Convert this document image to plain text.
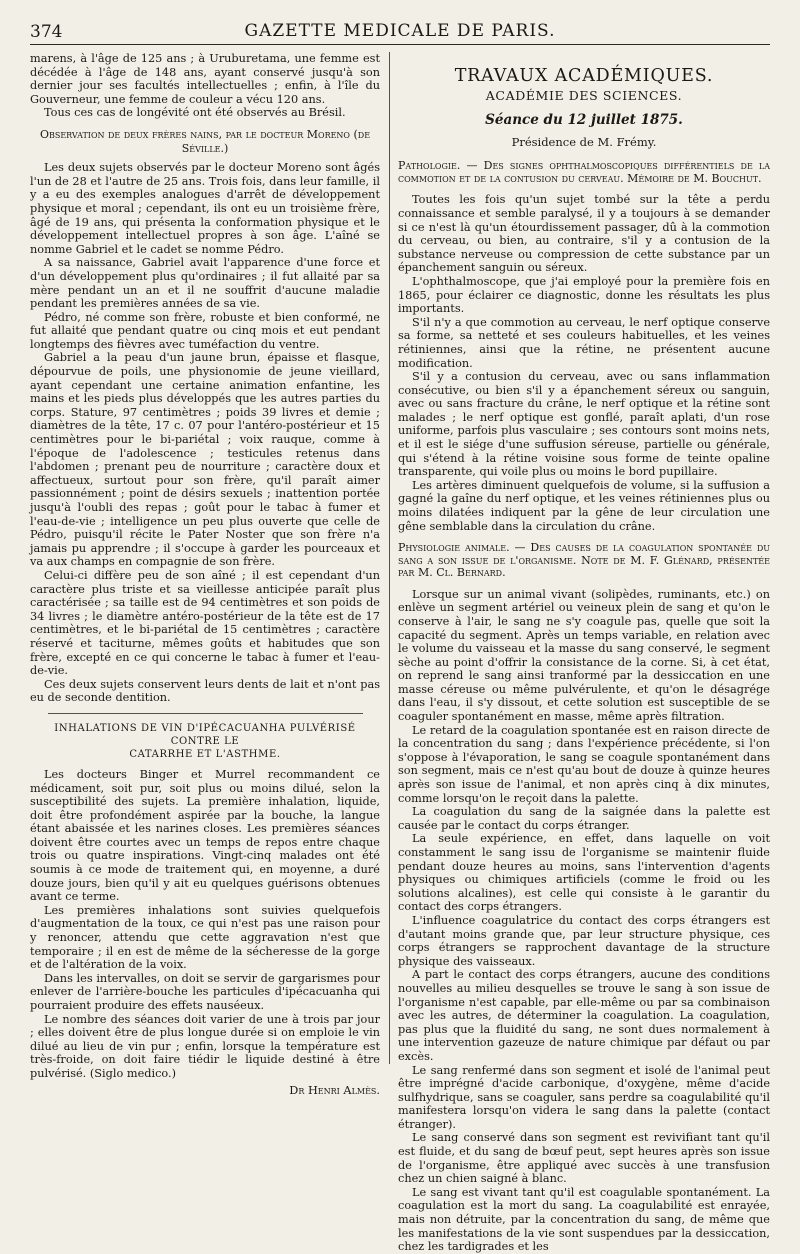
374	GAZETTE MEDICALE DE PARIS.

marens, à l'âge de 125 ans ; à Uruburetama, une femme est décédée à l'âge de 148 ans, ayant conservé jusqu'à son dernier jour ses facultés intellectuelles ; enfin, à l'île du Gouverneur, une femme de couleur a vécu 120 ans.

Tous ces cas de longévité ont été observés au Brésil.

Observation de deux frères nains, par le docteur Moreno (de Séville.)

Les deux sujets observés par le docteur Moreno sont âgés l'un de 28 et l'autre de 25 ans. Trois fois, dans leur famille, il y a eu des exemples analogues d'arrêt de développement physique et moral ; cependant, ils ont eu un troisième frère, âgé de 19 ans, qui présenta la conformation physique et le développement intellectuel propres à son âge. L'aîné se nomme Gabriel et le cadet se nomme Pédro.

A sa naissance, Gabriel avait l'apparence d'une force et d'un développement plus qu'ordinaires ; il fut allaité par sa mère pendant un an et il ne souffrit d'aucune maladie pendant les premières années de sa vie.

Pédro, né comme son frère, robuste et bien conformé, ne fut allaité que pendant quatre ou cinq mois et eut pendant longtemps des fièvres avec tuméfaction du ventre.

Gabriel a la peau d'un jaune brun, épaisse et flasque, dépourvue de poils, une physionomie de jeune vieillard, ayant cependant une certaine animation enfantine, les mains et les pieds plus développés que les autres parties du corps. Stature, 97 centimètres ; poids 39 livres et demie ; diamètres de la tête, 17 c. 07 pour l'antéro-postérieur et 15 centimètres pour le bi-pariétal ; voix rauque, comme à l'époque de l'adolescence ; testicules retenus dans l'abdomen ; prenant peu de nourriture ; caractère doux et affectueux, surtout pour son frère, qu'il paraît aimer passionnément ; point de désirs sexuels ; inattention portée jusqu'à l'oubli des repas ; goût pour le tabac à fumer et l'eau-de-vie ; intelligence un peu plus ouverte que celle de Pédro, puisqu'il récite le Pater Noster que son frère n'a jamais pu apprendre ; il s'occupe à garder les pourceaux et va aux champs en compagnie de son frère.

Celui-ci diffère peu de son aîné ; il est cependant d'un caractère plus triste et sa vieillesse anticipée paraît plus caractérisée ; sa taille est de 94 centimètres et son poids de 34 livres ; le diamètre antéro-postérieur de la tête est de 17 centimètres, et le bi-pariétal de 15 centimètres ; caractère réservé et taciturne, mêmes goûts et habitudes que son frère, excepté en ce qui concerne le tabac à fumer et l'eau-de-vie.

Ces deux sujets conservent leurs dents de lait et n'ont pas eu de seconde dentition.

INHALATIONS DE VIN D'IPÉCACUANHA PULVÉRISÉ CONTRE LE
CATARRHE ET L'ASTHME.

Les docteurs Binger et Murrel recommandent ce médicament, soit pur, soit plus ou moins dilué, selon la susceptibilité des sujets. La première inhalation, liquide, doit être profondément aspirée par la bouche, la langue étant abaissée et les narines closes. Les premières séances doivent être courtes avec un temps de repos entre chaque trois ou quatre inspirations. Vingt-cinq malades ont été soumis à ce mode de traitement qui, en moyenne, a duré douze jours, bien qu'il y ait eu quelques guérisons obtenues avant ce terme.

Les premières inhalations sont suivies quelquefois d'augmentation de la toux, ce qui n'est pas une raison pour y renoncer, attendu que cette aggravation n'est que temporaire ; il en est de même de la sécheresse de la gorge et de l'altération de la voix.

Dans les intervalles, on doit se servir de gargarismes pour enlever de l'arrière-bouche les particules d'ipécacuanha qui pourraient produire des effets nauséeux.

Le nombre des séances doit varier de une à trois par jour ; elles doivent être de plus longue durée si on emploie le vin dilué au lieu de vin pur ; enfin, lorsque la température est très-froide, on doit faire tiédir le liquide destiné à être pulvérisé. (Siglo medico.)

Dr Henri Almès.
TRAVAUX ACADÉMIQUES.
ACADÉMIE DES SCIENCES.
Séance du 12 juillet 1875.
Présidence de M. Frémy.

Pathologie. — Des signes ophthalmoscopiques différentiels de la commotion et de la contusion du cerveau. Mémoire de M. Bouchut.

Toutes les fois qu'un sujet tombé sur la tête a perdu connaissance et semble paralysé, il y a toujours à se demander si ce n'est là qu'un étourdissement passager, dû à la commotion du cerveau, ou bien, au contraire, s'il y a contusion de la substance nerveuse ou compression de cette substance par un épanchement sanguin ou séreux.

L'ophthalmoscope, que j'ai employé pour la première fois en 1865, pour éclairer ce diagnostic, donne les résultats les plus importants.

S'il n'y a que commotion au cerveau, le nerf optique conserve sa forme, sa netteté et ses couleurs habituelles, et les veines rétiniennes, ainsi que la rétine, ne présentent aucune modification.

S'il y a contusion du cerveau, avec ou sans inflammation consécutive, ou bien s'il y a épanchement séreux ou sanguin, avec ou sans fracture du crâne, le nerf optique et la rétine sont malades ; le nerf optique est gonflé, paraît aplati, d'un rose uniforme, parfois plus vasculaire ; ses contours sont moins nets, et il est le siége d'une suffusion séreuse, partielle ou générale, qui s'étend à la rétine voisine sous forme de teinte opaline transparente, qui voile plus ou moins le bord pupillaire.

Les artères diminuent quelquefois de volume, si la suffusion a gagné la gaîne du nerf optique, et les veines rétiniennes plus ou moins dilatées indiquent par la gêne de leur circulation une gêne semblable dans la circulation du crâne.

Physiologie animale. — Des causes de la coagulation spontanée du sang a son issue de l'organisme. Note de M. F. Glénard, présentée par M. Cl. Bernard.

Lorsque sur un animal vivant (solipèdes, ruminants, etc.) on enlève un segment artériel ou veineux plein de sang et qu'on le conserve à l'air, le sang ne s'y coagule pas, quelle que soit la capacité du segment. Après un temps variable, en relation avec le volume du vaisseau et la masse du sang conservé, le segment sèche au point d'offrir la consistance de la corne. Si, à cet état, on reprend le sang ainsi tranformé par la dessiccation en une masse céreuse ou même pulvérulente, et qu'on le désagrége dans l'eau, il s'y dissout, et cette solution est susceptible de se coaguler spontanément en masse, même après filtration.

Le retard de la coagulation spontanée est en raison directe de la concentration du sang ; dans l'expérience précédente, si l'on s'oppose à l'évaporation, le sang se coagule spontanément dans son segment, mais ce n'est qu'au bout de douze à quinze heures après son issue de l'animal, et non après cinq à dix minutes, comme lorsqu'on le reçoit dans la palette.

La coagulation du sang de la saignée dans la palette est causée par le contact du corps étranger.

La seule expérience, en effet, dans laquelle on voit constamment le sang issu de l'organisme se maintenir fluide pendant douze heures au moins, sans l'intervention d'agents physiques ou chimiques artificiels (comme le froid ou les solutions alcalines), est celle qui consiste à le garantir du contact des corps étrangers.

L'influence coagulatrice du contact des corps étrangers est d'autant moins grande que, par leur structure physique, ces corps étrangers se rapprochent davantage de la structure physique des vaisseaux.

A part le contact des corps étrangers, aucune des conditions nouvelles au milieu desquelles se trouve le sang à son issue de l'organisme n'est capable, par elle-même ou par sa combinaison avec les autres, de déterminer la coagulation. La coagulation, pas plus que la fluidité du sang, ne sont dues normalement à une intervention gazeuze de nature chimique par défaut ou par excès.

Le sang renfermé dans son segment et isolé de l'animal peut être imprégné d'acide carbonique, d'oxygène, même d'acide sulfhydrique, sans se coaguler, sans perdre sa coagulabilité qu'il manifestera lorsqu'on videra le sang dans la palette (contact étranger).

Le sang conservé dans son segment est revivifiant tant qu'il est fluide, et du sang de bœuf peut, sept heures après son issue de l'organisme, être appliqué avec succès à une transfusion chez un chien saigné à blanc.

Le sang est vivant tant qu'il est coagulable spontanément. La coagulation est la mort du sang. La coagulabilité est enrayée, mais non détruite, par la concentration du sang, de même que les manifestations de la vie sont suspendues par la dessiccation, chez les tardigrades et les
